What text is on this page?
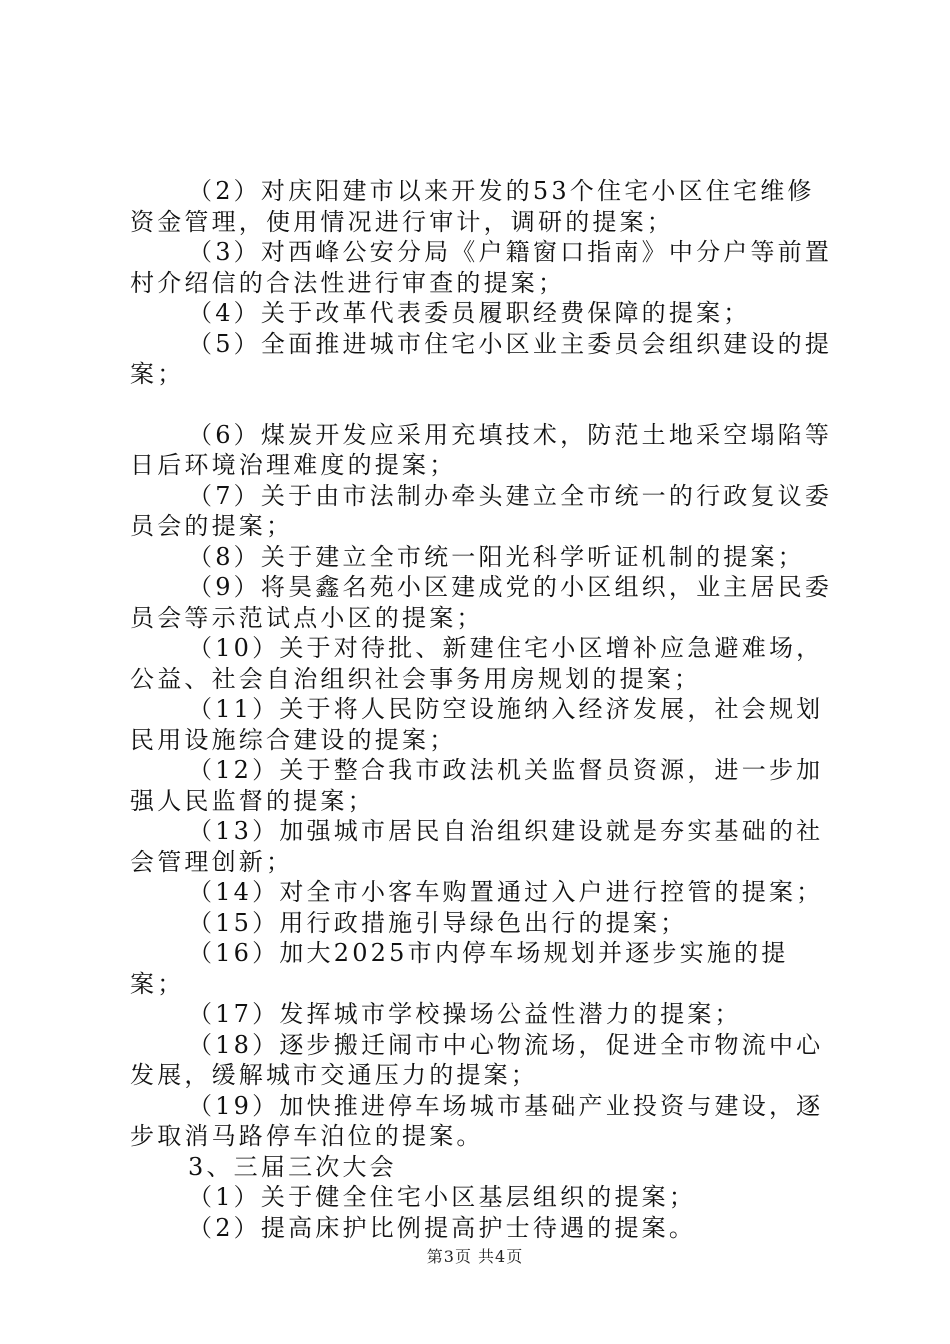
（2）对庆阳建市以来开发的53个住宅小区住宅维修资金管理，使用情况进行审计，调研的提案；

（3）对西峰公安分局《户籍窗口指南》中分户等前置村介绍信的合法性进行审查的提案；

（4）关于改革代表委员履职经费保障的提案；

（5）全面推进城市住宅小区业主委员会组织建设的提案；

（6）煤炭开发应采用充填技术，防范土地采空塌陷等日后环境治理难度的提案；

（7）关于由市法制办牵头建立全市统一的行政复议委员会的提案；

（8）关于建立全市统一阳光科学听证机制的提案；

（9）将昊鑫名苑小区建成党的小区组织，业主居民委员会等示范试点小区的提案；

（10）关于对待批、新建住宅小区增补应急避难场，公益、社会自治组织社会事务用房规划的提案；

（11）关于将人民防空设施纳入经济发展，社会规划民用设施综合建设的提案；

（12）关于整合我市政法机关监督员资源，进一步加强人民监督的提案；

（13）加强城市居民自治组织建设就是夯实基础的社会管理创新；

（14）对全市小客车购置通过入户进行控管的提案；

（15）用行政措施引导绿色出行的提案；

（16）加大2025市内停车场规划并逐步实施的提案；

（17）发挥城市学校操场公益性潜力的提案；

（18）逐步搬迁闹市中心物流场，促进全市物流中心发展，缓解城市交通压力的提案；

（19）加快推进停车场城市基础产业投资与建设，逐步取消马路停车泊位的提案。

3、三届三次大会

（1）关于健全住宅小区基层组织的提案；

（2）提高床护比例提高护士待遇的提案。

第3页 共4页
